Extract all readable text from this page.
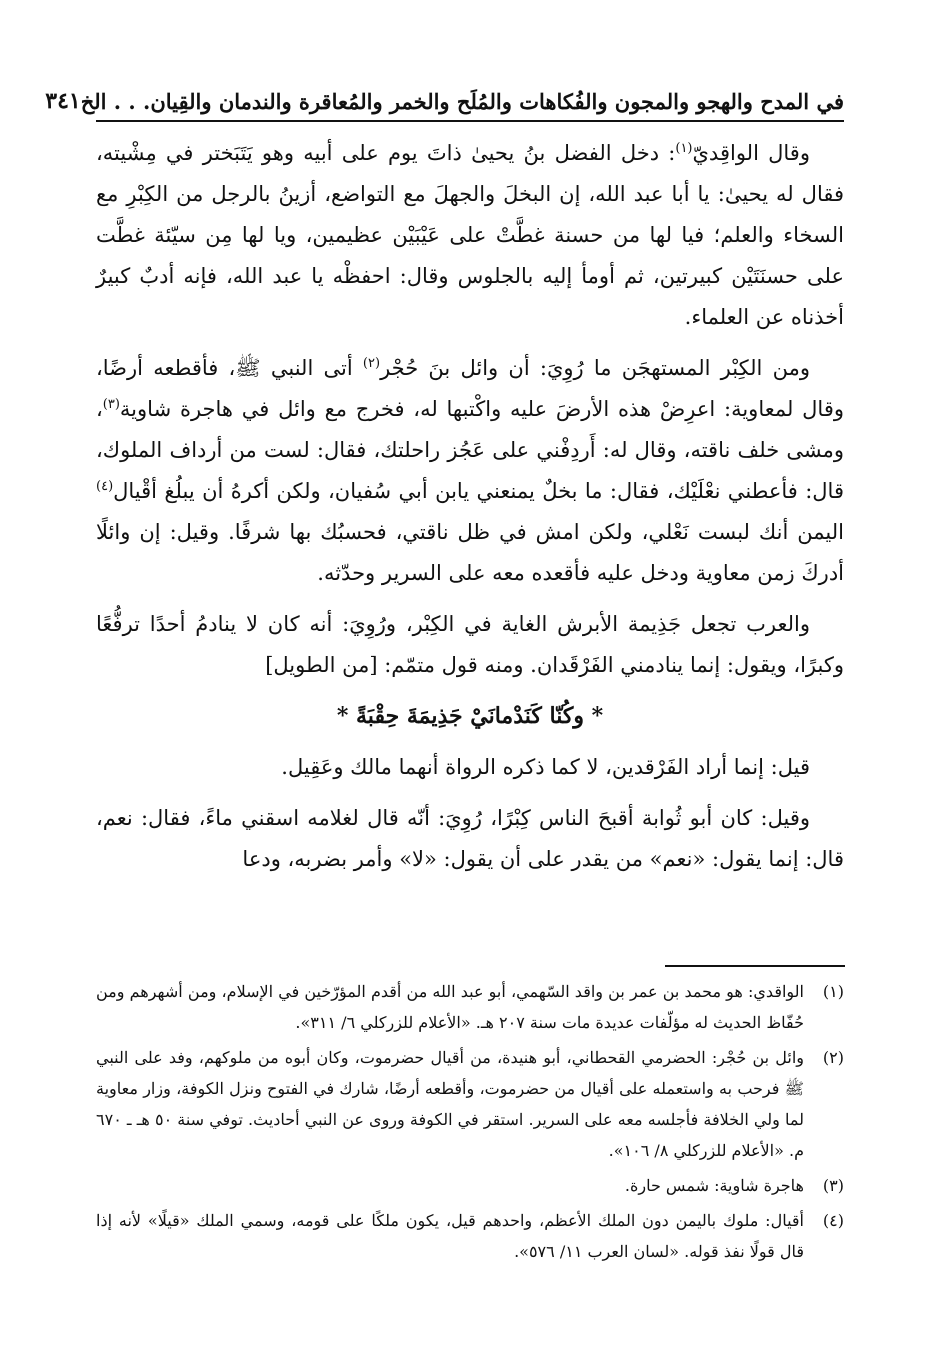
في المدح والهجو والمجون والفُكاهات والمُلَح والخمر والمُعاقرة والندمان والقِيان. . . الخ
٣٤١

وقال الواقِديّ$^{(١)}$: دخل الفضل بنُ يحيىٰ ذاتَ يوم على أبيه وهو يَتَبَختر في مِشْيته، فقال له يحيىٰ: يا أبا عبد الله، إن البخلَ والجهلَ مع التواضع، أزينُ بالرجل من الكِبْرِ مع السخاء والعلم؛ فيا لها من حسنة غطَّتْ على عَيْبَيْن عظيمين، ويا لها مِن سيّئة غطَّت على حسنَتَيْن كبيرتين، ثم أومأ إليه بالجلوس وقال: احفظْه يا عبد الله، فإنه أدبٌ كبيرٌ أخذناه عن العلماء.

ومن الكِبْر المستهجَن ما رُوِيَ: أن وائل بنَ حُجْر$^{(٢)}$ أتى النبي ﷺ، فأقطعه أرضًا، وقال لمعاوية: اعرِضْ هذه الأرضَ عليه واكْتبها له، فخرج مع وائل في هاجرة شاوية$^{(٣)}$، ومشى خلف ناقته، وقال له: أَردِفْني على عَجُز راحلتك، فقال: لست من أرداف الملوك، قال: فأعطني نعْلَيْك، فقال: ما بخلٌ يمنعني يابن أبي سُفيان، ولكن أكرهُ أن يبلُغ أقْيال$^{(٤)}$ اليمن أنك لبست نَعْلي، ولكن امش في ظل ناقتي، فحسبُك بها شرفًا. وقيل: إن وائلًا أدركَ زمن معاوية ودخل عليه فأقعده معه على السرير وحدّثه.

والعرب تجعل جَذِيمة الأبرش الغاية في الكِبْر، ورُوِيَ: أنه كان لا ينادمُ أحدًا ترفُّعًا وكبرًا، ويقول: إنما ينادمني الفَرْقَدان. ومنه قول متمّم: [من الطويل]

* وكُنّا كَنَدْمانَيْ جَذِيمَةَ حِقْبَةً *

قيل: إنما أراد الفَرْقدين، لا كما ذكره الرواة أنهما مالك وعَقِيل.

وقيل: كان أبو ثُوابة أقبحَ الناس كِبْرًا، رُوِيَ: أنّه قال لغلامه اسقني ماءً، فقال: نعم، قال: إنما يقول: «نعم» من يقدر على أن يقول: «لا» وأمر بضربه، ودعا

(١)
الواقدي: هو محمد بن عمر بن واقد السّهمي، أبو عبد الله من أقدم المؤرّخين في الإسلام، ومن أشهرهم ومن حُفّاظ الحديث له مؤلّفات عديدة مات سنة ٢٠٧ هـ. «الأعلام للزركلي ٦/ ٣١١».
(٢)
وائل بن حُجْر: الحضرمي القحطاني، أبو هنيدة، من أقيال حضرموت، وكان أبوه من ملوكهم، وفد على النبي ﷺ فرحب به واستعمله على أقيال من حضرموت، وأقطعه أرضًا، شارك في الفتوح ونزل الكوفة، وزار معاوية لما ولي الخلافة فأجلسه معه على السرير. استقر في الكوفة وروى عن النبي أحاديث. توفي سنة ٥٠ هـ ـ ٦٧٠ م. «الأعلام للزركلي ٨/ ١٠٦».
(٣)
هاجرة شاوية: شمس حارة.
(٤)
أقيال: ملوك باليمن دون الملك الأعظم، واحدهم قيل، يكون ملكًا على قومه، وسمي الملك «قيلًا» لأنه إذا قال قولًا نفذ قوله. «لسان العرب ١١/ ٥٧٦».
